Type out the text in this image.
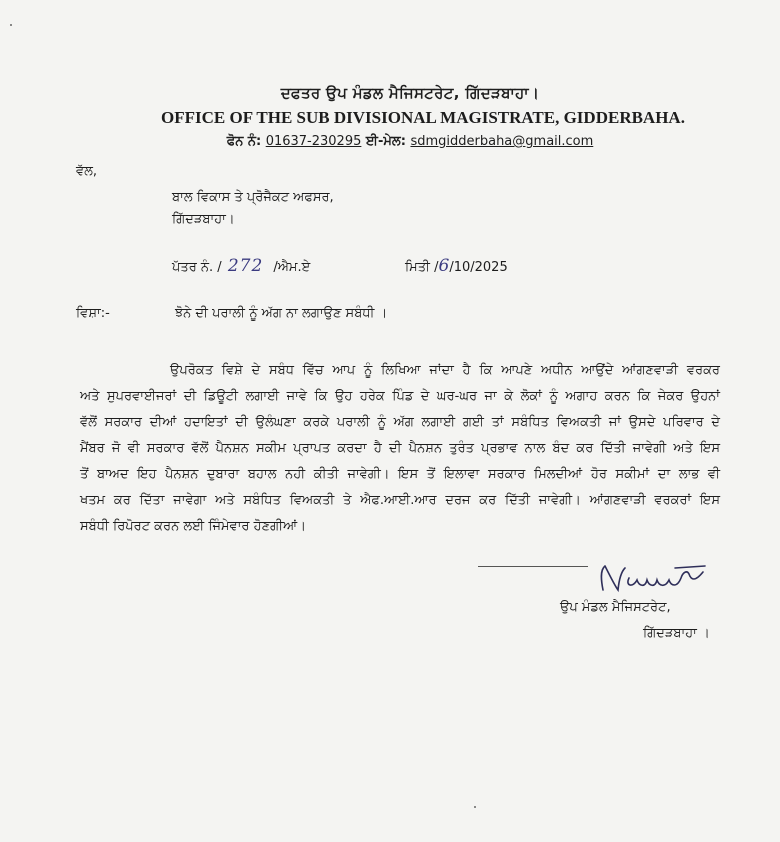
ਦਫਤਰ ਉਪ ਮੰਡਲ ਮੈਜਿਸਟਰੇਟ, ਗਿੱਦੜਬਾਹਾ।
OFFICE OF THE SUB DIVISIONAL MAGISTRATE, GIDDERBAHA.
ਫੋਨ ਨੰ: 01637-230295 ਈ-ਮੇਲ: sdmgidderbaha@gmail.com
ਵੱਲ,
ਬਾਲ ਵਿਕਾਸ ਤੇ ਪ੍ਰੋਜੈਕਟ ਅਫਸਰ,
ਗਿੱਦੜਬਾਹਾ।
ਪੱਤਰ ਨੰ. / 272 /ਐਮ.ਏ	ਮਿਤੀ /6/10/2025
ਵਿਸ਼ਾ:-	ਝੋਨੇ ਦੀ ਪਰਾਲੀ ਨੂੰ ਅੱਗ ਨਾ ਲਗਾਉਣ ਸਬੰਧੀ ।
ਉਪਰੋਕਤ ਵਿਸ਼ੇ ਦੇ ਸਬੰਧ ਵਿੱਚ ਆਪ ਨੂੰ ਲਿਖਿਆ ਜਾਂਦਾ ਹੈ ਕਿ ਆਪਣੇ ਅਧੀਨ ਆਉਂਦੇ ਆਂਗਣਵਾੜੀ ਵਰਕਰ
ਅਤੇ ਸੁਪਰਵਾਈਜਰਾਂ ਦੀ ਡਿਊਟੀ ਲਗਾਈ ਜਾਵੇ ਕਿ ਉਹ ਹਰੇਕ ਪਿੰਡ ਦੇ ਘਰ-ਘਰ ਜਾ ਕੇ ਲੋਕਾਂ ਨੂੰ ਅਗਾਹ ਕਰਨ ਕਿ ਜੇਕਰ ਉਹਨਾਂ
ਵੱਲੋਂ ਸਰਕਾਰ ਦੀਆਂ ਹਦਾਇਤਾਂ ਦੀ ਉਲੰਘਣਾ ਕਰਕੇ ਪਰਾਲੀ ਨੂੰ ਅੱਗ ਲਗਾਈ ਗਈ ਤਾਂ ਸਬੰਧਿਤ ਵਿਅਕਤੀ ਜਾਂ ਉਸਦੇ ਪਰਿਵਾਰ ਦੇ
ਮੈਂਬਰ ਜੋ ਵੀ ਸਰਕਾਰ ਵੱਲੋਂ ਪੈਨਸ਼ਨ ਸਕੀਮ ਪ੍ਰਾਪਤ ਕਰਦਾ ਹੈ ਦੀ ਪੈਨਸ਼ਨ ਤੁਰੰਤ ਪ੍ਰਭਾਵ ਨਾਲ ਬੰਦ ਕਰ ਦਿੱਤੀ ਜਾਵੇਗੀ ਅਤੇ ਇਸ
ਤੋਂ ਬਾਅਦ ਇਹ ਪੈਨਸ਼ਨ ਦੁਬਾਰਾ ਬਹਾਲ ਨਹੀ ਕੀਤੀ ਜਾਵੇਗੀ। ਇਸ ਤੋਂ ਇਲਾਵਾ ਸਰਕਾਰ ਮਿਲਦੀਆਂ ਹੋਰ ਸਕੀਮਾਂ ਦਾ ਲਾਭ ਵੀ
ਖਤਮ ਕਰ ਦਿੱਤਾ ਜਾਵੇਗਾ ਅਤੇ ਸਬੰਧਿਤ ਵਿਅਕਤੀ ਤੇ ਐਫ.ਆਈ.ਆਰ ਦਰਜ ਕਰ ਦਿੱਤੀ ਜਾਵੇਗੀ। ਆਂਗਣਵਾੜੀ ਵਰਕਰਾਂ ਇਸ
ਸਬੰਧੀ ਰਿਪੋਰਟ ਕਰਨ ਲਈ ਜਿੰਮੇਵਾਰ ਹੋਣਗੀਆਂ।
ਉਪ ਮੰਡਲ ਮੈਜਿਸਟਰੇਟ,
ਗਿੱਦੜਬਾਹਾ ।
